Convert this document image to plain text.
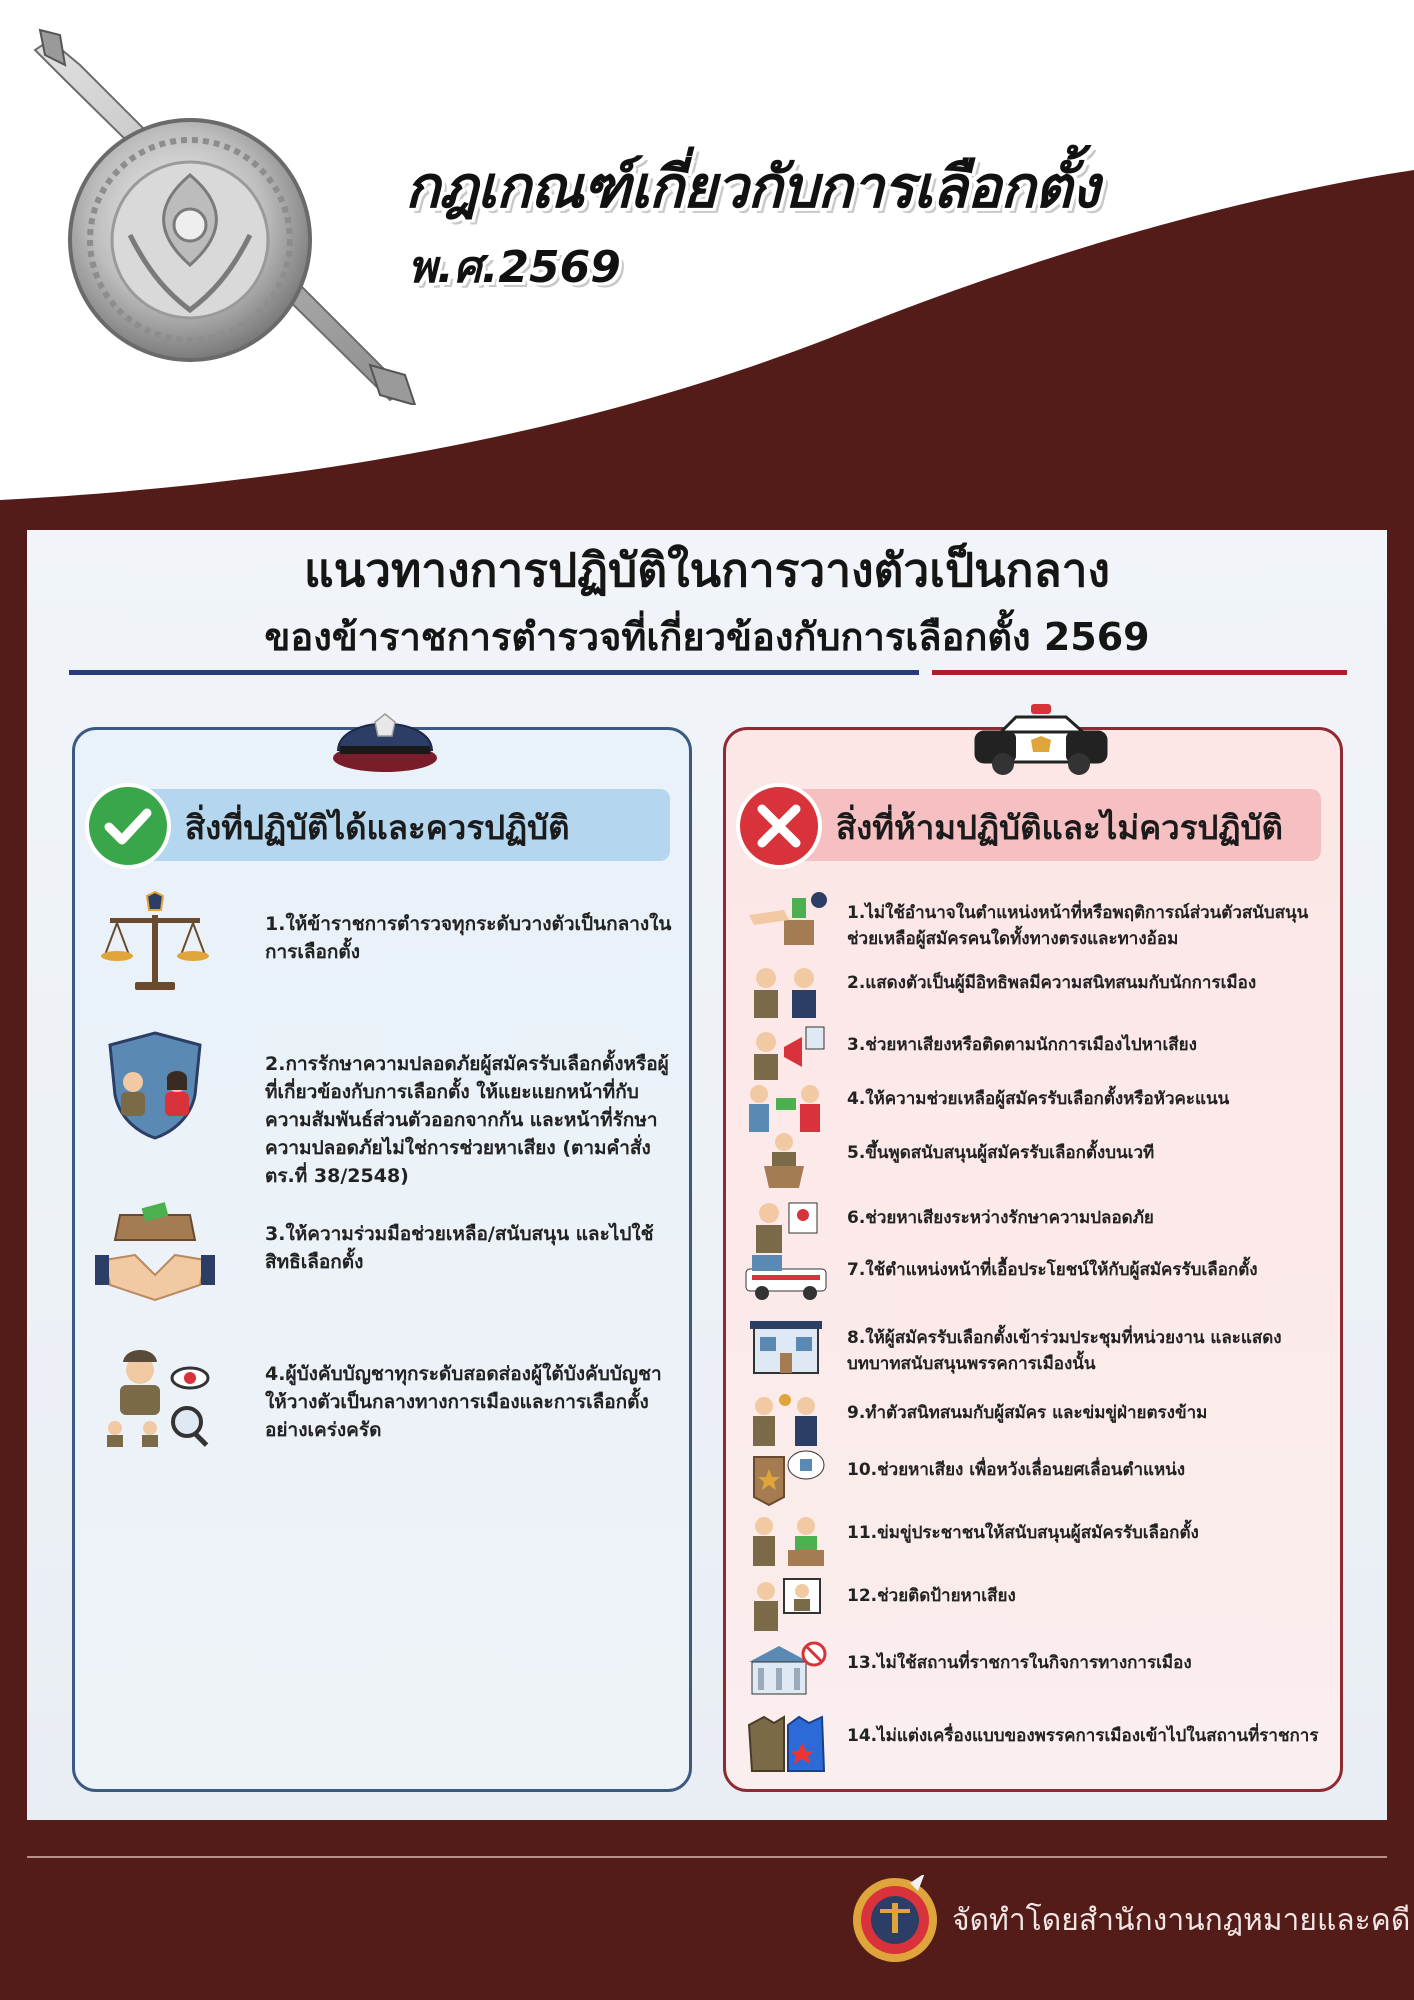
กฎเกณฑ์เกี่ยวกับการเลือกตั้ง
พ.ศ.2569
แนวทางการปฏิบัติในการวางตัวเป็นกลาง
ของข้าราชการตำรวจที่เกี่ยวข้องกับการเลือกตั้ง 2569
สิ่งที่ปฏิบัติได้และควรปฏิบัติ
1.ให้ข้าราชการตำรวจทุกระดับวางตัวเป็นกลางในการเลือกตั้ง
2.การรักษาความปลอดภัยผู้สมัครรับเลือกตั้งหรือผู้ที่เกี่ยวข้องกับการเลือกตั้ง ให้แยะแยกหน้าที่กับความสัมพันธ์ส่วนตัวออกจากกัน และหน้าที่รักษาความปลอดภัยไม่ใช่การช่วยหาเสียง (ตามคำสั่ง ตร.ที่ 38/2548)
3.ให้ความร่วมมือช่วยเหลือ/สนับสนุน และไปใช้สิทธิเลือกตั้ง
4.ผู้บังคับบัญชาทุกระดับสอดส่องผู้ใต้บังคับบัญชาให้วางตัวเป็นกลางทางการเมืองและการเลือกตั้งอย่างเคร่งครัด
สิ่งที่ห้ามปฏิบัติและไม่ควรปฏิบัติ
1.ไม่ใช้อำนาจในตำแหน่งหน้าที่หรือพฤติการณ์ส่วนตัวสนับสนุนช่วยเหลือผู้สมัครคนใดทั้งทางตรงและทางอ้อม
2.แสดงตัวเป็นผู้มีอิทธิพลมีความสนิทสนมกับนักการเมือง
3.ช่วยหาเสียงหรือติดตามนักการเมืองไปหาเสียง
4.ให้ความช่วยเหลือผู้สมัครรับเลือกตั้งหรือหัวคะแนน
5.ขึ้นพูดสนับสนุนผู้สมัครรับเลือกตั้งบนเวที
6.ช่วยหาเสียงระหว่างรักษาความปลอดภัย
7.ใช้ตำแหน่งหน้าที่เอื้อประโยชน์ให้กับผู้สมัครรับเลือกตั้ง
8.ให้ผู้สมัครรับเลือกตั้งเข้าร่วมประชุมที่หน่วยงาน และแสดงบทบาทสนับสนุนพรรคการเมืองนั้น
9.ทำตัวสนิทสนมกับผู้สมัคร และข่มขู่ฝ่ายตรงข้าม
10.ช่วยหาเสียง เพื่อหวังเลื่อนยศเลื่อนตำแหน่ง
11.ข่มขู่ประชาชนให้สนับสนุนผู้สมัครรับเลือกตั้ง
12.ช่วยติดป้ายหาเสียง
13.ไม่ใช้สถานที่ราชการในกิจการทางการเมือง
14.ไม่แต่งเครื่องแบบของพรรคการเมืองเข้าไปในสถานที่ราชการ
จัดทำโดยสำนักงานกฎหมายและคดี
